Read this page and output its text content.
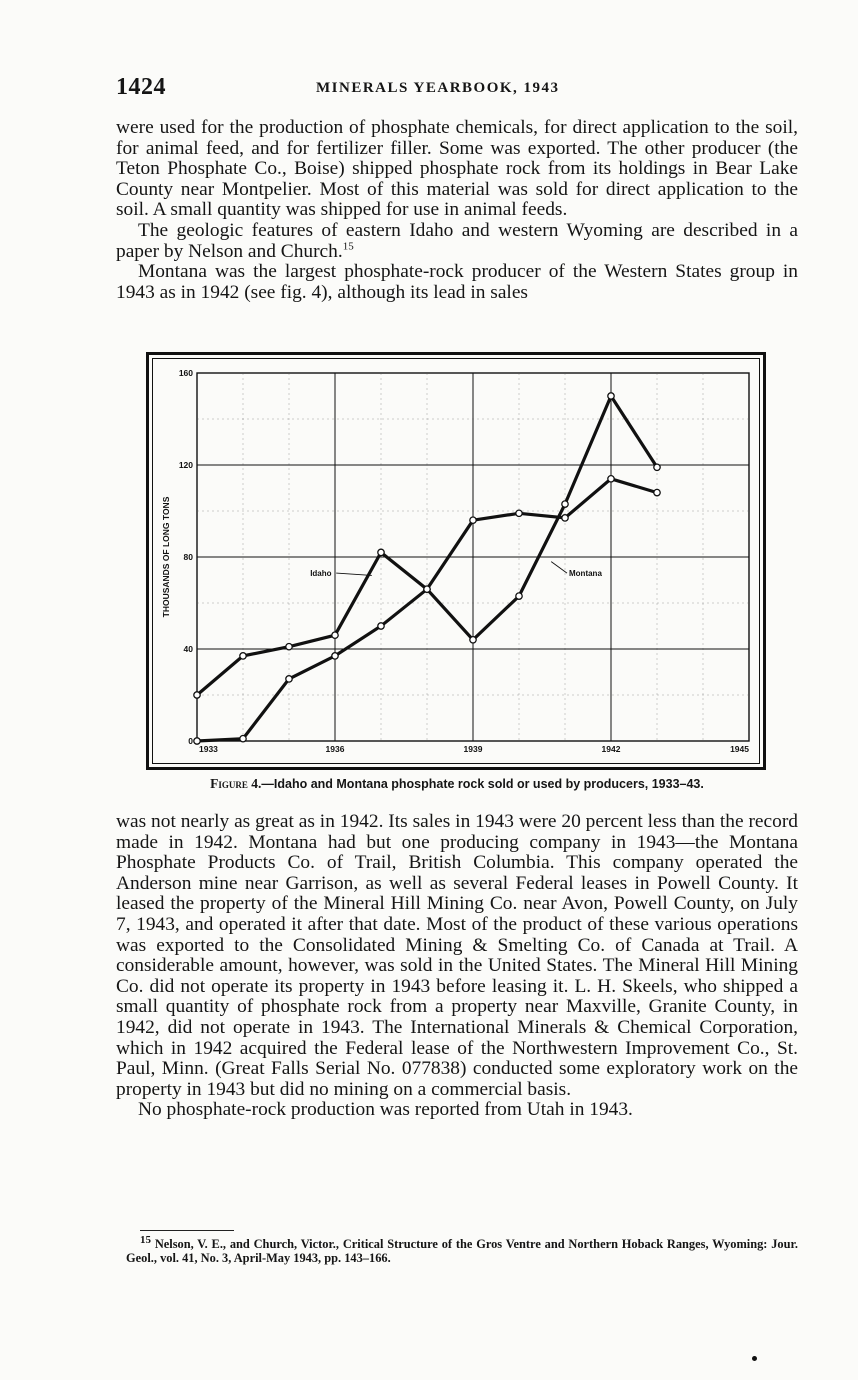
1424	MINERALS YEARBOOK, 1943

were used for the production of phosphate chemicals, for direct application to the soil, for animal feed, and for fertilizer filler. Some was exported. The other producer (the Teton Phosphate Co., Boise) shipped phosphate rock from its holdings in Bear Lake County near Montpelier. Most of this material was sold for direct application to the soil. A small quantity was shipped for use in animal feeds.

The geologic features of eastern Idaho and western Wyoming are described in a paper by Nelson and Church.$^{15}$

Montana was the largest phosphate-rock producer of the Western States group in 1943 as in 1942 (see fig. 4), although its lead in sales

0
40
80
120
160
1933	1936	1939	1942	1945
THOUSANDS OF LONG TONS	Idaho	Montana
Figure 4.—Idaho and Montana phosphate rock sold or used by producers, 1933–43.

was not nearly as great as in 1942. Its sales in 1943 were 20 percent less than the record made in 1942. Montana had but one producing company in 1943—the Montana Phosphate Products Co. of Trail, British Columbia. This company operated the Anderson mine near Garrison, as well as several Federal leases in Powell County. It leased the property of the Mineral Hill Mining Co. near Avon, Powell County, on July 7, 1943, and operated it after that date. Most of the product of these various operations was exported to the Consolidated Mining & Smelting Co. of Canada at Trail. A considerable amount, however, was sold in the United States. The Mineral Hill Mining Co. did not operate its property in 1943 before leasing it. L. H. Skeels, who shipped a small quantity of phosphate rock from a property near Maxville, Granite County, in 1942, did not operate in 1943. The International Minerals & Chemical Corporation, which in 1942 acquired the Federal lease of the Northwestern Improvement Co., St. Paul, Minn. (Great Falls Serial No. 077838) conducted some exploratory work on the property in 1943 but did no mining on a commercial basis.

No phosphate-rock production was reported from Utah in 1943.

$^{15}$ Nelson, V. E., and Church, Victor., Critical Structure of the Gros Ventre and Northern Hoback Ranges, Wyoming: Jour. Geol., vol. 41, No. 3, April-May 1943, pp. 143–166.
